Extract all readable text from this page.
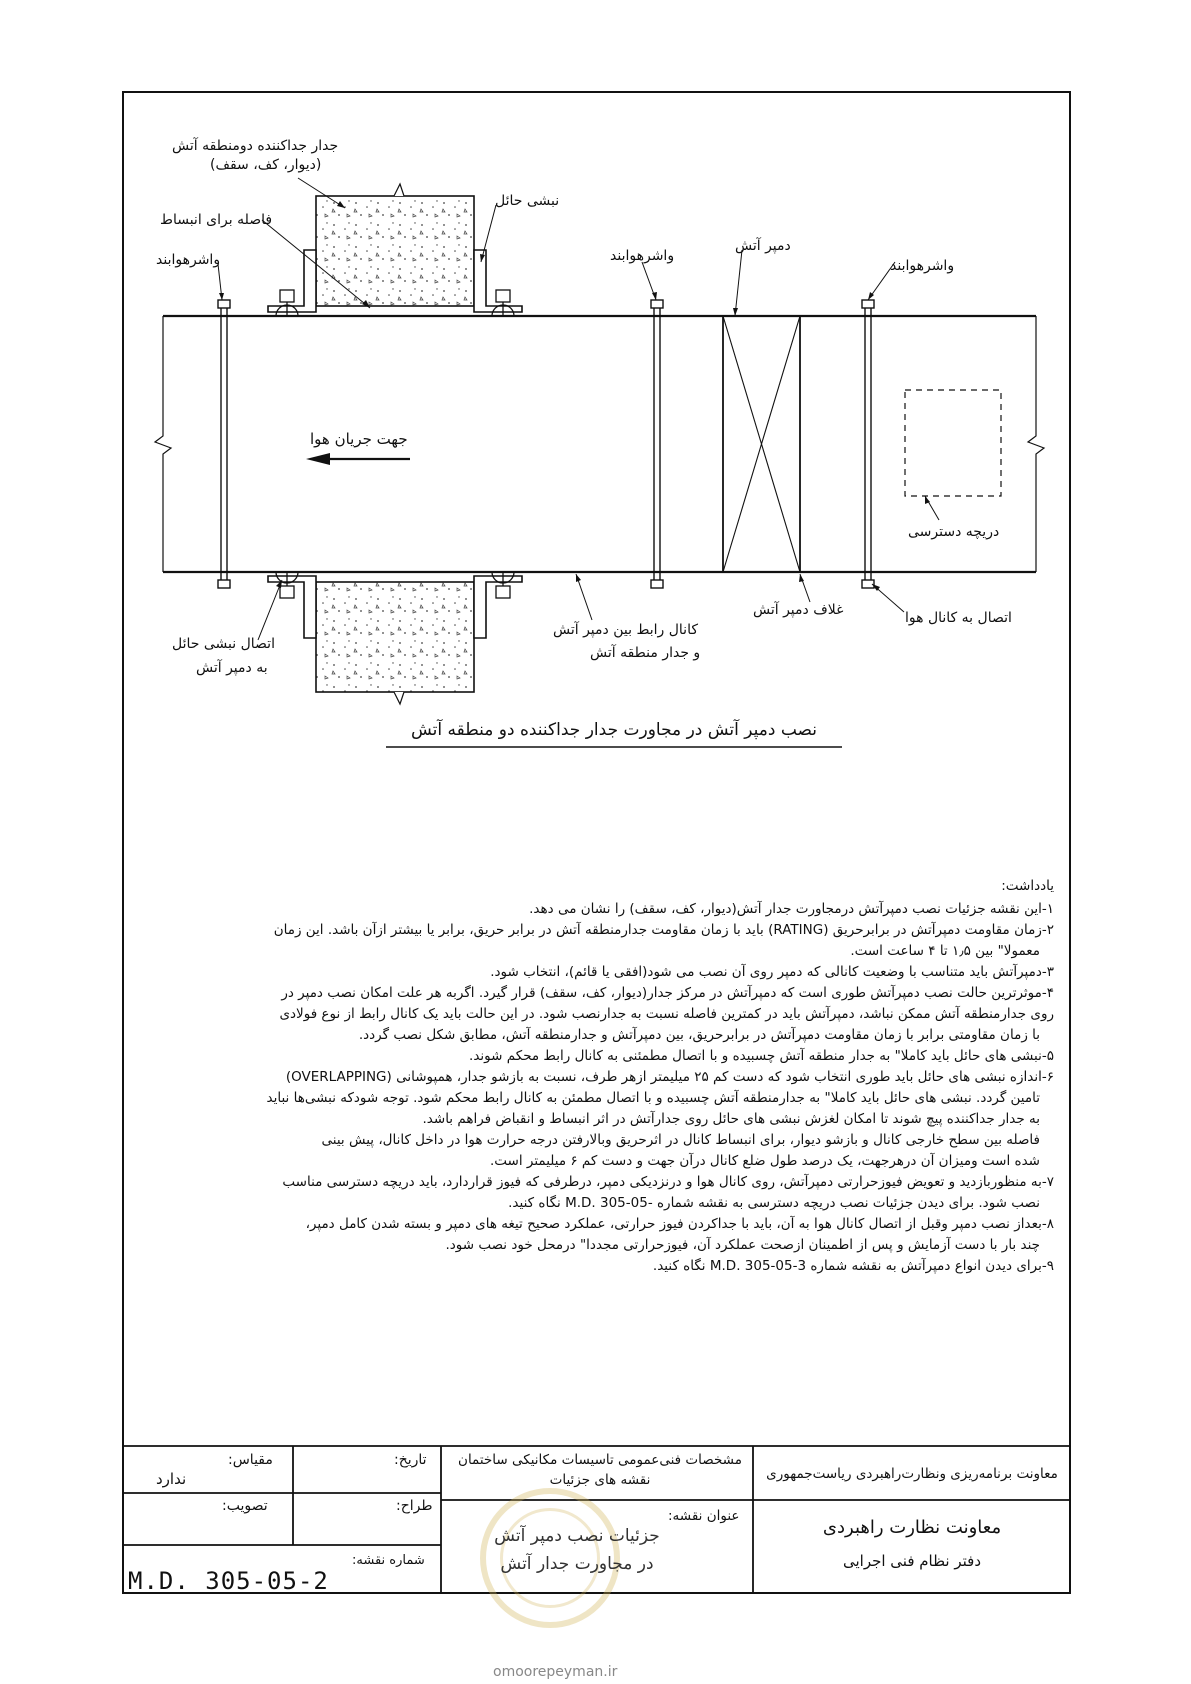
جدار جداکننده دومنطقه آتش
(دیوار، کف، سقف)
فاصله برای انبساط
نبشی حائل
واشرهوابند	واشرهوابند
دمپر آتش
واشرهوابند
جهت جریان هوا
دریچه دسترسی
اتصال نبشی حائل
به دمپر آتش
کانال رابط بین دمپر آتش
و جدار منطقه آتش
غلاف دمپر آتش	اتصال به کانال هوا
نصب دمپر آتش در مجاورت جدار جداکننده دو منطقه آتش
یادداشت:

۱-این نقشه جزئیات نصب دمپرآتش درمجاورت جدار آتش(دیوار، کف، سقف) را نشان می دهد.

۲-زمان مقاومت دمپرآتش در برابرحریق (RATING) باید با زمان مقاومت جدارمنطقه آتش در برابر حریق، برابر یا بیشتر ازآن باشد. این زمان

معمولا" بین ۱٫۵ تا ۴ ساعت است.

۳-دمپرآتش باید متناسب با وضعیت کانالی که دمپر روی آن نصب می شود(افقی یا قائم)، انتخاب شود.

۴-موثرترین حالت نصب دمپرآتش طوری است که دمپرآتش در مرکز جدار(دیوار، کف، سقف) قرار گیرد. اگربه هر علت امکان نصب دمپر در

روی جدارمنطقه آتش ممکن نباشد، دمپرآتش باید در کمترین فاصله نسبت به جدارنصب شود. در این حالت باید یک کانال رابط از نوع فولادی

با زمان مقاومتی برابر با زمان مقاومت دمپرآتش در برابرحریق، بین دمپرآتش و جدارمنطقه آتش، مطابق شکل نصب گردد.

۵-نبشی های حائل باید کاملا" به جدار منطقه آتش چسبیده و با اتصال مطمئنی به کانال رابط محکم شوند.

۶-اندازه نبشی های حائل باید طوری انتخاب شود که دست کم ۲۵ میلیمتر ازهر طرف، نسبت به بازشو جدار، همپوشانی (OVERLAPPING)

تامین گردد. نبشی های حائل باید کاملا" به جدارمنطقه آتش چسبیده و با اتصال مطمئن به کانال رابط محکم شود. توجه شودکه نبشی‌ها نباید

به جدار جداکننده پیچ شوند تا امکان لغزش نبشی های حائل روی جدارآتش در اثر انبساط و انقباض فراهم باشد.

فاصله بین سطح خارجی کانال و بازشو دیوار، برای انبساط کانال در اثرحریق وبالارفتن درجه حرارت هوا در داخل کانال، پیش بینی

شده است ومیزان آن درهرجهت، یک درصد طول ضلع کانال درآن جهت و دست کم ۶ میلیمتر است.

۷-به منظوربازدید و تعویض فیوزحرارتی دمپرآتش، روی کانال هوا و درنزدیکی دمپر، درطرفی که فیوز قراردارد، باید دریچه دسترسی مناسب

نصب شود. برای دیدن جزئیات نصب دریچه دسترسی به نقشه شماره -M.D. 305-05 نگاه کنید.

۸-بعداز نصب دمپر وقبل از اتصال کانال هوا به آن، باید با جداکردن فیوز حرارتی، عملکرد صحیح تیغه های دمپر و بسته شدن کامل دمپر،

چند بار با دست آزمایش و پس از اطمینان ازصحت عملکرد آن، فیوزحرارتی مجددا" درمحل خود نصب شود.

۹-برای دیدن انواع دمپرآتش به نقشه شماره M.D. 305-05-3 نگاه کنید.

مقیاس:
ندارد
تاریخ:
تصویب:	طراح:
شماره نقشه:
M.D. 305-05-2
مشخصات فنی‌عمومی تاسیسات مکانیکی ساختمان
نقشه های جزئیات
عنوان نقشه:
جزئیات نصب دمپر آتش
در مجاورت جدار آتش
معاونت برنامه‌ریزی ونظارت‌راهبردی ریاست‌جمهوری
معاونت نظارت راهبردی
دفتر نظام فنی اجرایی
omoorepeyman.ir
